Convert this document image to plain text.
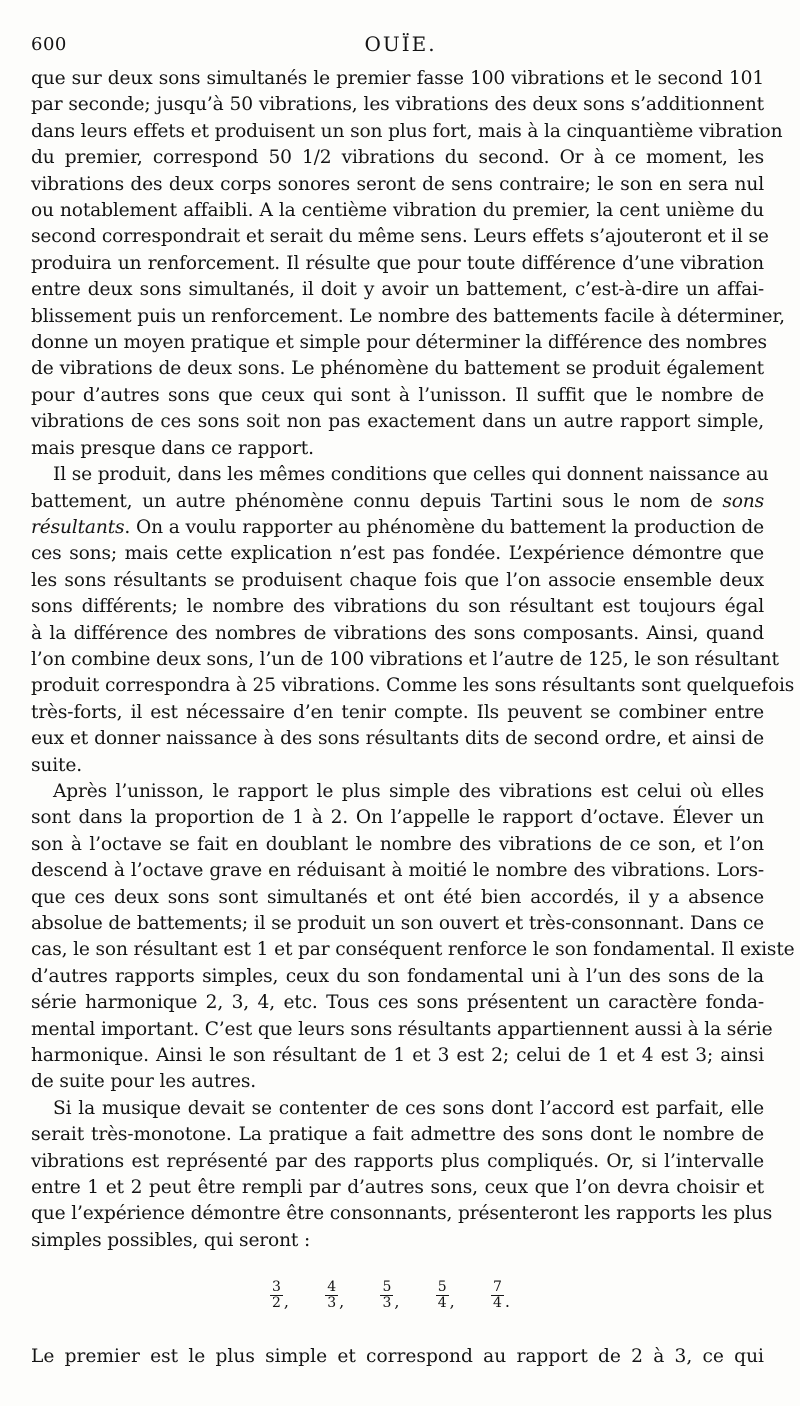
600	OUÏE.
que sur deux sons simultanés le premier fasse 100 vibrations et le second 101
par seconde; jusqu’à 50 vibrations, les vibrations des deux sons s’additionnent
dans leurs effets et produisent un son plus fort, mais à la cinquantième vibration
du premier, correspond 50 1/2 vibrations du second. Or à ce moment, les
vibrations des deux corps sonores seront de sens contraire; le son en sera nul
ou notablement affaibli. A la centième vibration du premier, la cent unième du
second correspondrait et serait du même sens. Leurs effets s’ajouteront et il se
produira un renforcement. Il résulte que pour toute différence d’une vibration
entre deux sons simultanés, il doit y avoir un battement, c’est-à-dire un affai-
blissement puis un renforcement. Le nombre des battements facile à déterminer,
donne un moyen pratique et simple pour déterminer la différence des nombres
de vibrations de deux sons. Le phénomène du battement se produit également
pour d’autres sons que ceux qui sont à l’unisson. Il suffit que le nombre de
vibrations de ces sons soit non pas exactement dans un autre rapport simple,
mais presque dans ce rapport.
Il se produit, dans les mêmes conditions que celles qui donnent naissance au
battement, un autre phénomène connu depuis Tartini sous le nom de sons
résultants. On a voulu rapporter au phénomène du battement la production de
ces sons; mais cette explication n’est pas fondée. L’expérience démontre que
les sons résultants se produisent chaque fois que l’on associe ensemble deux
sons différents; le nombre des vibrations du son résultant est toujours égal
à la différence des nombres de vibrations des sons composants. Ainsi, quand
l’on combine deux sons, l’un de 100 vibrations et l’autre de 125, le son résultant
produit correspondra à 25 vibrations. Comme les sons résultants sont quelquefois
très-forts, il est nécessaire d’en tenir compte. Ils peuvent se combiner entre
eux et donner naissance à des sons résultants dits de second ordre, et ainsi de
suite.
Après l’unisson, le rapport le plus simple des vibrations est celui où elles
sont dans la proportion de 1 à 2. On l’appelle le rapport d’octave. Élever un
son à l’octave se fait en doublant le nombre des vibrations de ce son, et l’on
descend à l’octave grave en réduisant à moitié le nombre des vibrations. Lors-
que ces deux sons sont simultanés et ont été bien accordés, il y a absence
absolue de battements; il se produit un son ouvert et très-consonnant. Dans ce
cas, le son résultant est 1 et par conséquent renforce le son fondamental. Il existe
d’autres rapports simples, ceux du son fondamental uni à l’un des sons de la
série harmonique 2, 3, 4, etc. Tous ces sons présentent un caractère fonda-
mental important. C’est que leurs sons résultants appartiennent aussi à la série
harmonique. Ainsi le son résultant de 1 et 3 est 2; celui de 1 et 4 est 3; ainsi
de suite pour les autres.
Si la musique devait se contenter de ces sons dont l’accord est parfait, elle
serait très-monotone. La pratique a fait admettre des sons dont le nombre de
vibrations est représenté par des rapports plus compliqués. Or, si l’intervalle
entre 1 et 2 peut être rempli par d’autres sons, ceux que l’on devra choisir et
que l’expérience démontre être consonnants, présenteront les rapports les plus
simples possibles, qui seront :
$\frac{3}{2}$ ,	$\frac{4}{3}$ ,	$\frac{5}{3}$ ,	$\frac{5}{4}$ ,	$\frac{7}{4}$ .
Le premier est le plus simple et correspond au rapport de 2 à 3, ce qui
